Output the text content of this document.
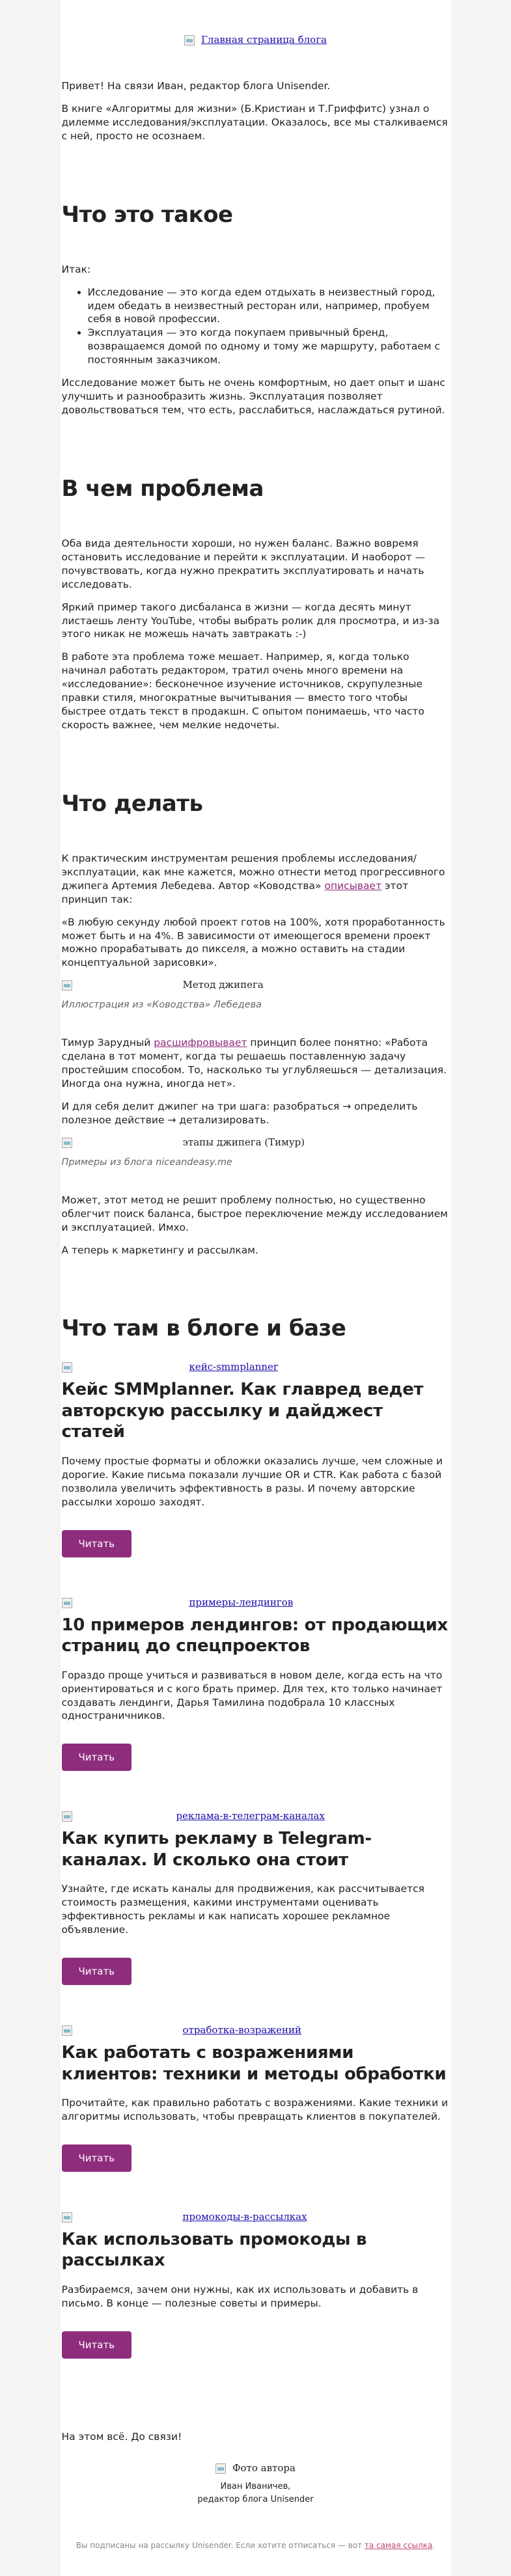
Главная страница блога

Привет! На связи Иван, редактор блога Unisender.

В книге «Алгоритмы для жизни» (Б.Кристиан и Т.Гриффитс) узнал о дилемме исследования/эксплуатации. Оказалось, все мы сталкиваемся с ней, просто не осознаем.

Что это такое

Итак:

• Исследование — это когда едем отдыхать в неизвестный город, идем обедать в неизвестный ресторан или, например, пробуем себя в новой профессии.
• Эксплуатация — это когда покупаем привычный бренд, возвращаемся домой по одному и тому же маршруту, работаем с постоянным заказчиком.

Исследование может быть не очень комфортным, но дает опыт и шанс улучшить и разнообразить жизнь. Эксплуатация позволяет довольствоваться тем, что есть, расслабиться, наслаждаться рутиной.

В чем проблема

Оба вида деятельности хороши, но нужен баланс. Важно вовремя остановить исследование и перейти к эксплуатации. И наоборот — почувствовать, когда нужно прекратить эксплуатировать и начать исследовать.

Яркий пример такого дисбаланса в жизни — когда десять минут листаешь ленту YouTube, чтобы выбрать ролик для просмотра, и из-за этого никак не можешь начать завтракать :-)

В работе эта проблема тоже мешает. Например, я, когда только начинал работать редактором, тратил очень много времени на «исследование»: бесконечное изучение источников, скрупулезные правки стиля, многократные вычитывания — вместо того чтобы быстрее отдать текст в продакшн. С опытом понимаешь, что часто скорость важнее, чем мелкие недочеты.

Что делать

К практическим инструментам решения проблемы исследования/эксплуатации, как мне кажется, можно отнести метод прогрессивного джипега Артемия Лебедева. Автор «Ководства» описывает этот принцип так:

«В любую секунду любой проект готов на 100%, хотя проработанность может быть и на 4%. В зависимости от имеющегося времени проект можно прорабатывать до пикселя, а можно оставить на стадии концептуальной зарисовки».

Метод джипега
Иллюстрация из «Ководства» Лебедева

Тимур Зарудный расшифровывает принцип более понятно: «Работа сделана в тот момент, когда ты решаешь поставленную задачу простейшим способом. То, насколько ты углубляешься — детализация. Иногда она нужна, иногда нет».

И для себя делит джипег на три шага: разобраться → определить полезное действие → детализировать.

этапы джипега (Тимур)
Примеры из блога niceandeasy.me

Может, этот метод не решит проблему полностью, но существенно облегчит поиск баланса, быстрое переключение между исследованием и эксплуатацией. Имхо.

А теперь к маркетингу и рассылкам.

Что там в блоге и базе
кейс-smmplanner
Кейс SMMplanner. Как главред ведет авторскую рассылку и дайджест статей

Почему простые форматы и обложки оказались лучше, чем сложные и дорогие. Какие письма показали лучшие OR и CTR. Как работа с базой позволила увеличить эффективность в разы. И почему авторские рассылки хорошо заходят.

Читать
примеры-лендингов
10 примеров лендингов: от продающих страниц до спецпроектов

Гораздо проще учиться и развиваться в новом деле, когда есть на что ориентироваться и с кого брать пример. Для тех, кто только начинает создавать лендинги, Дарья Тамилина подобрала 10 классных одностраничников.

Читать
реклама-в-телеграм-каналах
Как купить рекламу в Telegram-каналах. И сколько она стоит

Узнайте, где искать каналы для продвижения, как рассчитывается стоимость размещения, какими инструментами оценивать эффективность рекламы и как написать хорошее рекламное объявление.

Читать
отработка-возражений
Как работать с возражениями клиентов: техники и методы обработки

Прочитайте, как правильно работать с возражениями. Какие техники и алгоритмы использовать, чтобы превращать клиентов в покупателей.

Читать
промокоды-в-рассылках
Как использовать промокоды в рассылках

Разбираемся, зачем они нужны, как их использовать и добавить в письмо. В конце — полезные советы и примеры.

Читать

На этом всё. До связи!

Фото автора
Иван Иваничев,
редактор блога Unisender
Вы подписаны на рассылку Unisender. Если хотите отписаться — вот та самая ссылка.
